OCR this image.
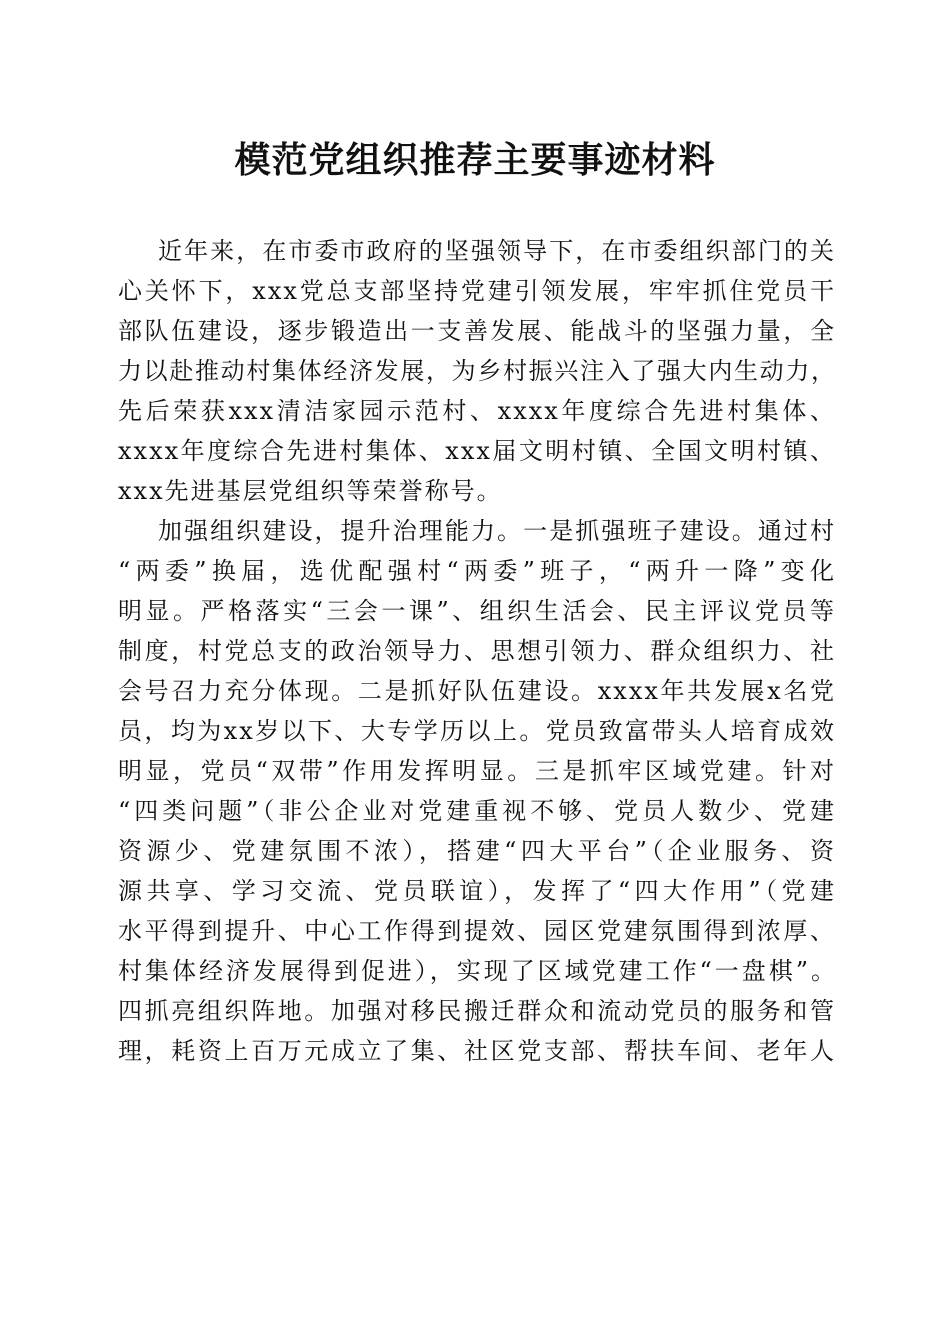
模范党组织推荐主要事迹材料
近年来，在市委市政府的坚强领导下，在市委组织部门的关
心关怀下，xxx党总支部坚持党建引领发展，牢牢抓住党员干
部队伍建设，逐步锻造出一支善发展、能战斗的坚强力量，全
力以赴推动村集体经济发展，为乡村振兴注入了强大内生动力，
先后荣获xxx清洁家园示范村、xxxx年度综合先进村集体、
xxxx年度综合先进村集体、xxx届文明村镇、全国文明村镇、
xxx先进基层党组织等荣誉称号。
加强组织建设，提升治理能力。一是抓强班子建设。通过村
“两委”换届，选优配强村“两委”班子，“两升一降”变化
明显。严格落实“三会一课”、组织生活会、民主评议党员等
制度，村党总支的政治领导力、思想引领力、群众组织力、社
会号召力充分体现。二是抓好队伍建设。xxxx年共发展x名党
员，均为xx岁以下、大专学历以上。党员致富带头人培育成效
明显，党员“双带”作用发挥明显。三是抓牢区域党建。针对
“四类问题”（非公企业对党建重视不够、党员人数少、党建
资源少、党建氛围不浓），搭建“四大平台”（企业服务、资
源共享、学习交流、党员联谊），发挥了“四大作用”（党建
水平得到提升、中心工作得到提效、园区党建氛围得到浓厚、
村集体经济发展得到促进），实现了区域党建工作“一盘棋”。
四抓亮组织阵地。加强对移民搬迁群众和流动党员的服务和管
理，耗资上百万元成立了集、社区党支部、帮扶车间、老年人
